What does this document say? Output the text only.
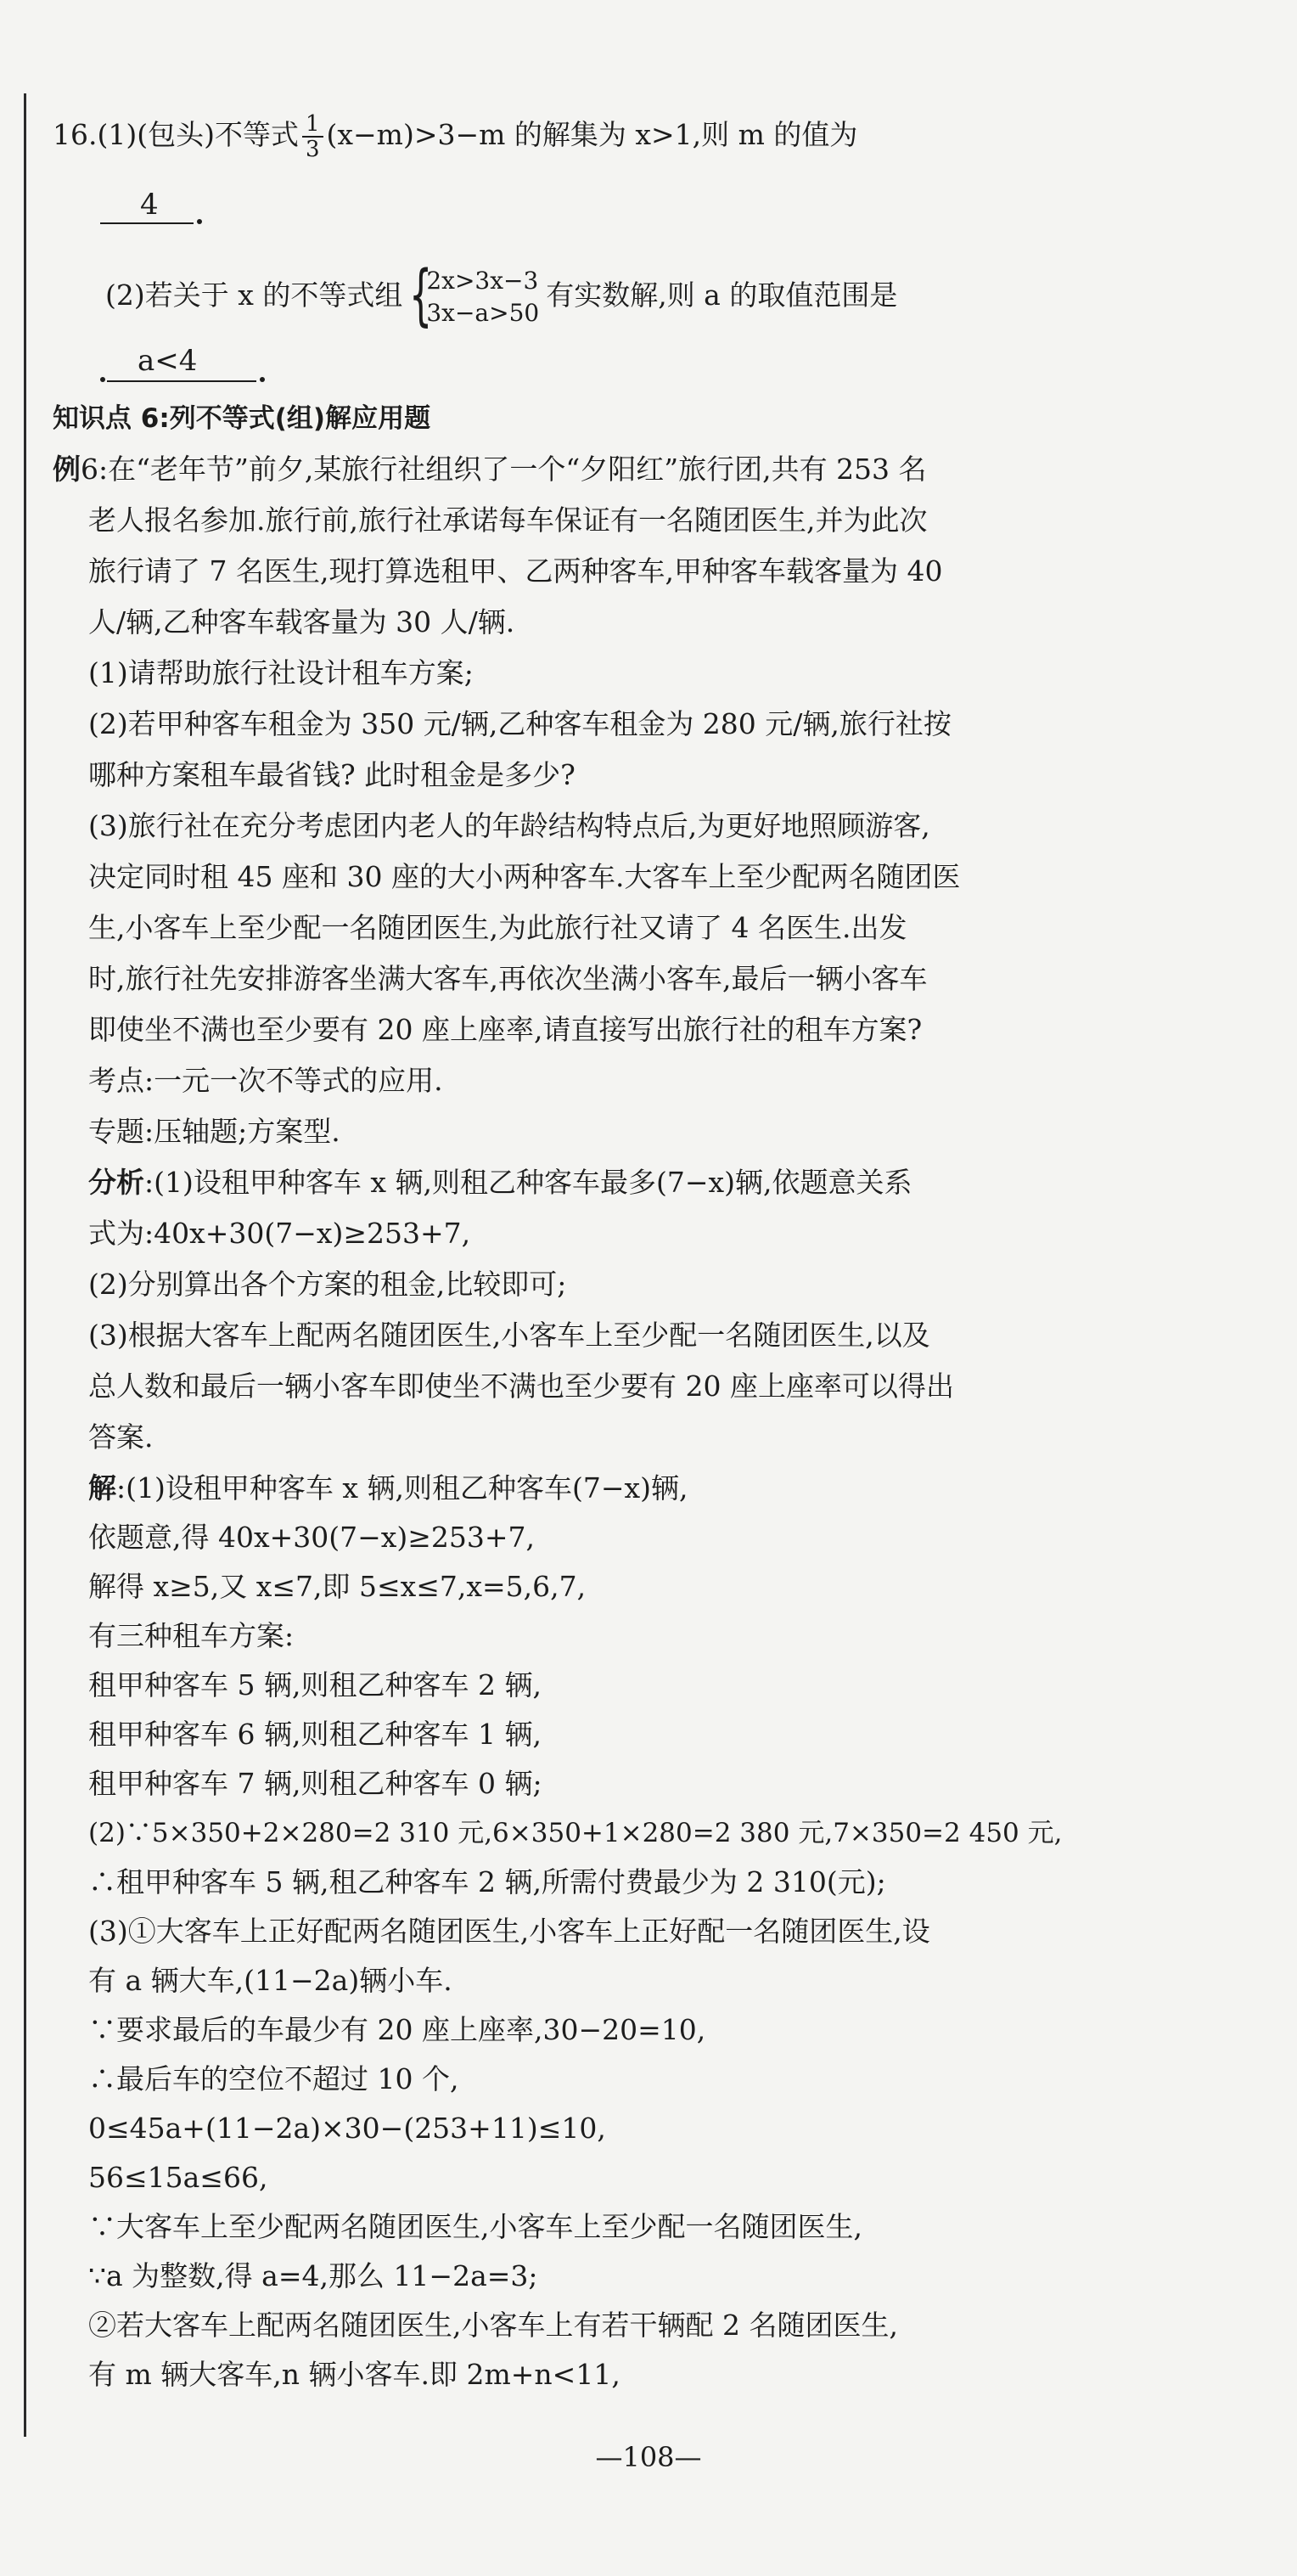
16.(1)(包头)不等式 $\frac{1}{3} (x-m)>3-m$ 的解集为 x>1,则 m 的值为
4
(2)若关于 x 的不等式组 {
2x>3x−3
3x−a>50
有实数解,则 a 的取值范围是
a<4
知识点 6:列不等式(组)解应用题
例6:在“老年节”前夕,某旅行社组织了一个“夕阳红”旅行团,共有 253 名
老人报名参加.旅行前,旅行社承诺每车保证有一名随团医生,并为此次
旅行请了 7 名医生,现打算选租甲、乙两种客车,甲种客车载客量为 40
人/辆,乙种客车载客量为 30 人/辆.
(1)请帮助旅行社设计租车方案;
(2)若甲种客车租金为 350 元/辆,乙种客车租金为 280 元/辆,旅行社按
哪种方案租车最省钱? 此时租金是多少?
(3)旅行社在充分考虑团内老人的年龄结构特点后,为更好地照顾游客,
决定同时租 45 座和 30 座的大小两种客车.大客车上至少配两名随团医
生,小客车上至少配一名随团医生,为此旅行社又请了 4 名医生.出发
时,旅行社先安排游客坐满大客车,再依次坐满小客车,最后一辆小客车
即使坐不满也至少要有 20 座上座率,请直接写出旅行社的租车方案?
考点:一元一次不等式的应用.
专题:压轴题;方案型.
分析:(1)设租甲种客车 x 辆,则租乙种客车最多(7−x)辆,依题意关系
式为:40x+30(7−x)≥253+7,
(2)分别算出各个方案的租金,比较即可;
(3)根据大客车上配两名随团医生,小客车上至少配一名随团医生,以及
总人数和最后一辆小客车即使坐不满也至少要有 20 座上座率可以得出
答案.
解:(1)设租甲种客车 x 辆,则租乙种客车(7−x)辆,
依题意,得 40x+30(7−x)≥253+7,
解得 x≥5,又 x≤7,即 5≤x≤7,x=5,6,7,
有三种租车方案:
租甲种客车 5 辆,则租乙种客车 2 辆,
租甲种客车 6 辆,则租乙种客车 1 辆,
租甲种客车 7 辆,则租乙种客车 0 辆;
(2)∵5×350+2×280=2 310 元,6×350+1×280=2 380 元,7×350=2 450 元,
∴租甲种客车 5 辆,租乙种客车 2 辆,所需付费最少为 2 310(元);
(3)①大客车上正好配两名随团医生,小客车上正好配一名随团医生,设
有 a 辆大车,(11−2a)辆小车.
∵要求最后的车最少有 20 座上座率,30−20=10,
∴最后车的空位不超过 10 个,
0≤45a+(11−2a)×30−(253+11)≤10,
56≤15a≤66,
∵大客车上至少配两名随团医生,小客车上至少配一名随团医生,
∵a 为整数,得 a=4,那么 11−2a=3;
②若大客车上配两名随团医生,小客车上有若干辆配 2 名随团医生,
有 m 辆大客车,n 辆小客车.即 2m+n<11,
—108—
